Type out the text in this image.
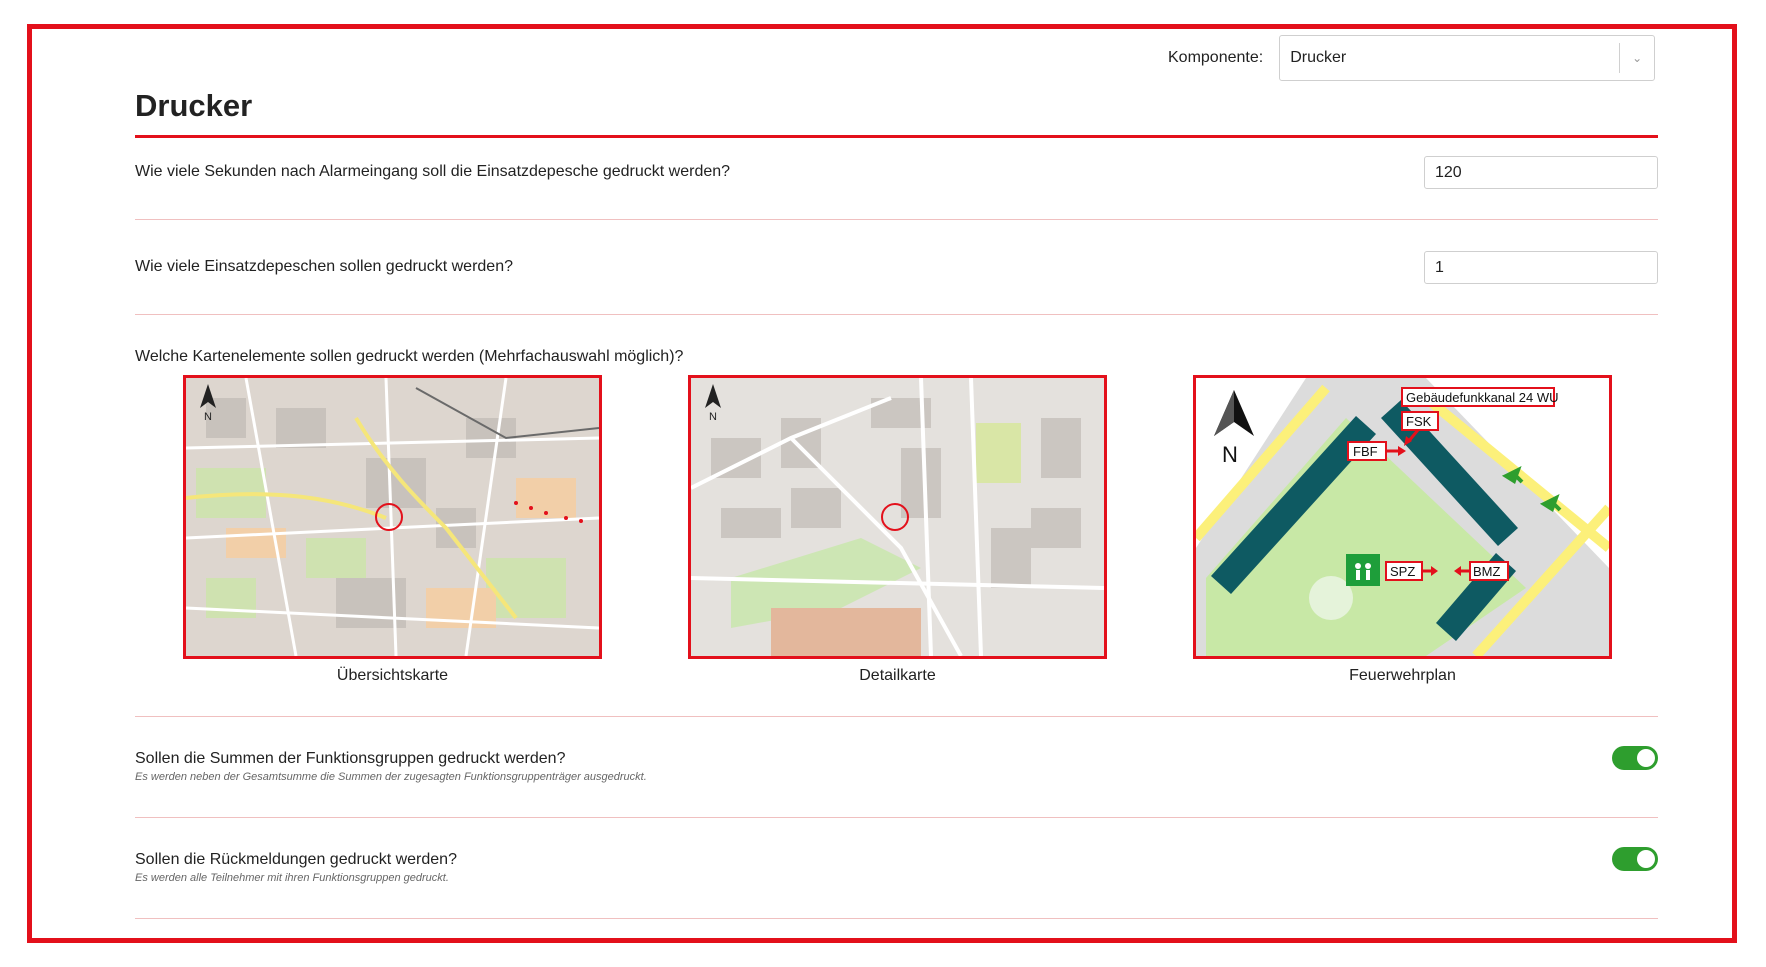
Komponente:	Drucker	⌄
Drucker
Wie viele Sekunden nach Alarmeingang soll die Einsatzdepesche gedruckt werden?
120
Wie viele Einsatzdepeschen sollen gedruckt werden?
1
Welche Kartenelemente sollen gedruckt werden (Mehrfachauswahl möglich)?
N
Übersichtskarte
N
Detailkarte
N
Gebäudefunkkanal 24 WU
FSK
FBF
SPZ	BMZ
Feuerwehrplan
Sollen die Summen der Funktionsgruppen gedruckt werden?
Es werden neben der Gesamtsumme die Summen der zugesagten Funktionsgruppenträger ausgedruckt.
Sollen die Rückmeldungen gedruckt werden?
Es werden alle Teilnehmer mit ihren Funktionsgruppen gedruckt.
